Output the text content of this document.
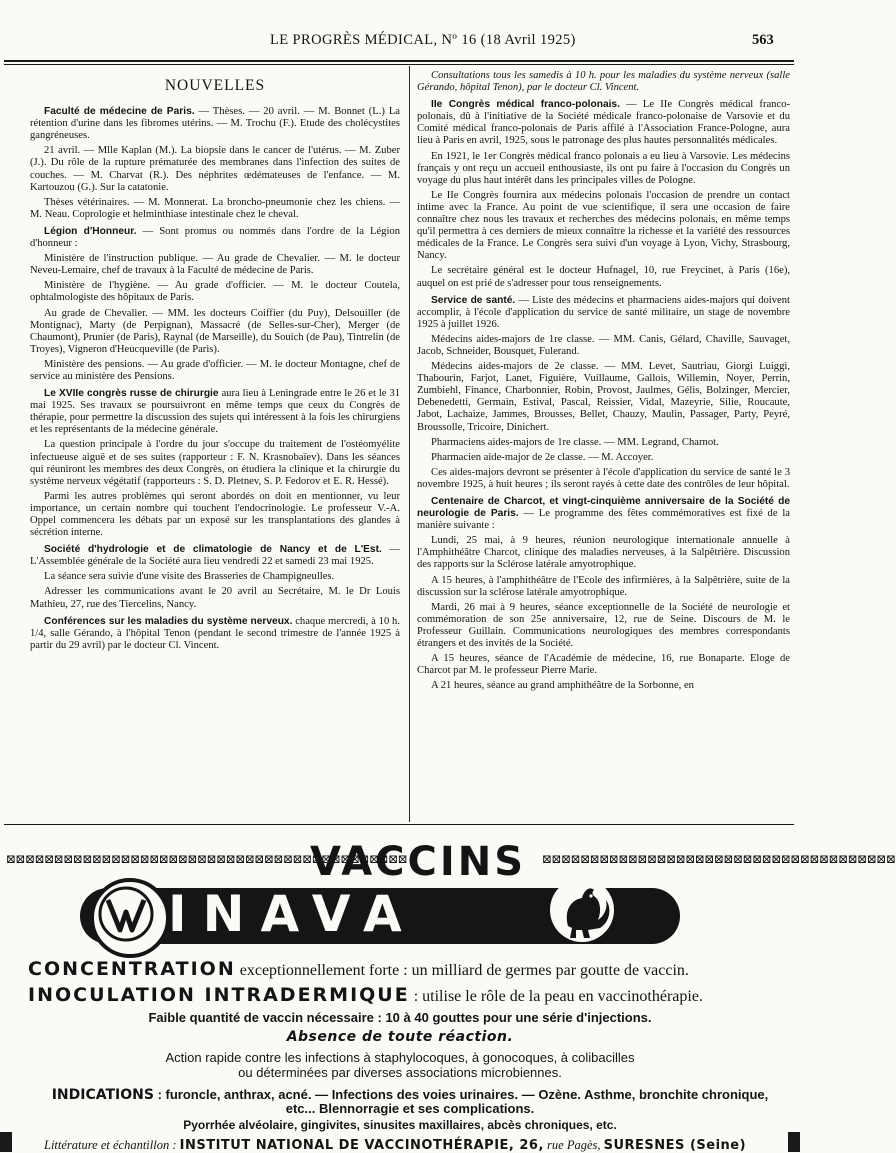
LE PROGRÈS MÉDICAL, Nº 16 (18 Avril 1925)	563
NOUVELLES

Faculté de médecine de Paris. — Thèses. — 20 avril. — M. Bonnet (L.) La rétention d'urine dans les fibromes utérins. — M. Trochu (F.). Etude des cholécystites gangréneuses.

21 avril. — Mlle Kaplan (M.). La biopsie dans le cancer de l'utérus. — M. Zuber (J.). Du rôle de la rupture prématurée des membranes dans l'infection des suites de couches. — M. Charvat (R.). Des néphrites œdémateuses de l'enfance. — M. Kartouzou (G.). Sur la catatonie.

Thèses vétérinaires. — M. Monnerat. La broncho-pneumonie chez les chiens. — M. Neau. Coprologie et helminthiase intestinale chez le cheval.

Légion d'Honneur. — Sont promus ou nommés dans l'ordre de la Légion d'honneur :

Ministère de l'instruction publique. — Au grade de Chevalier. — M. le docteur Neveu-Lemaire, chef de travaux à la Faculté de médecine de Paris.

Ministère de l'hygiène. — Au grade d'officier. — M. le docteur Coutela, ophtalmologiste des hôpitaux de Paris.

Au grade de Chevalier. — MM. les docteurs Coiffier (du Puy), Delsouiller (de Montignac), Marty (de Perpignan), Massacré (de Selles-sur-Cher), Merger (de Chaumont), Prunier (de Paris), Raynal (de Marseille), du Souich (de Pau), Tintrelin (de Troyes), Vigneron d'Heucqueville (de Paris).

Ministère des pensions. — Au grade d'officier. — M. le docteur Montagne, chef de service au ministère des Pensions.

Le XVIIe congrès russe de chirurgie aura lieu à Leningrade entre le 26 et le 31 mai 1925. Ses travaux se poursuivront en même temps que ceux du Congrès de thérapie, pour permettre la discussion des sujets qui intéressent à la fois les chirurgiens et les représentants de la médecine générale.

La question principale à l'ordre du jour s'occupe du traitement de l'ostéomyélite infectueuse aiguë et de ses suites (rapporteur : F. N. Krasnobaïev). Dans les séances qui réuniront les membres des deux Congrès, on étudiera la clinique et la chirurgie du système nerveux végétatif (rapporteurs : S. D. Pletnev, S. P. Fedorov et E. R. Hessé).

Parmi les autres problèmes qui seront abordés on doit en mentionner, vu leur importance, un certain nombre qui touchent l'endocrinologie. Le professeur V.-A. Oppel commencera les débats par un exposé sur les transplantations des glandes à sécrétion interne.

Société d'hydrologie et de climatologie de Nancy et de L'Est. — L'Assemblée générale de la Société aura lieu vendredi 22 et samedi 23 mai 1925.

La séance sera suivie d'une visite des Brasseries de Champigneulles.

Adresser les communications avant le 20 avril au Secrétaire, M. le Dr Louis Mathieu, 27, rue des Tiercelins, Nancy.

Conférences sur les maladies du système nerveux. chaque mercredi, à 10 h. 1/4, salle Gérando, à l'hôpital Tenon (pendant le second trimestre de l'année 1925 à partir du 29 avril) par le docteur Cl. Vincent.

Consultations tous les samedis à 10 h. pour les maladies du système nerveux (salle Gérando, hôpital Tenon), par le docteur Cl. Vincent.

IIe Congrès médical franco-polonais. — Le IIe Congrès médical franco-polonais, dû à l'initiative de la Société médicale franco-polonaise de Varsovie et du Comité médical franco-polonais de Paris affilé à l'Association France-Pologne, aura lieu à Paris en avril, 1925, sous le patronage des plus hautes personnalités médicales.

En 1921, le 1er Congrès médical franco polonais a eu lieu à Varsovie. Les médecins français y ont reçu un accueil enthousiaste, ils ont pu faire à l'occasion du Congrès un voyage du plus haut intérêt dans les principales villes de Pologne.

Le IIe Congrès fournira aux médecins polonais l'occasion de prendre un contact intime avec la France. Au point de vue scientifique, il sera une occasion de faire connaître chez nous les travaux et recherches des médecins polonais, en même temps qu'il permettra à ces derniers de mieux connaître la richesse et la variété des ressources médicales de la France. Le Congrès sera suivi d'un voyage à Lyon, Vichy, Strasbourg, Nancy.

Le secrétaire général est le docteur Hufnagel, 10, rue Freycinet, à Paris (16e), auquel on est prié de s'adresser pour tous renseignements.

Service de santé. — Liste des médecins et pharmaciens aides-majors qui doivent accomplir, à l'école d'application du service de santé militaire, un stage de novembre 1925 à juillet 1926.

Médecins aides-majors de 1re classe. — MM. Canis, Gélard, Chaville, Sauvaget, Jacob, Schneider, Bousquet, Fulerand.

Médecins aides-majors de 2e classe. — MM. Levet, Sautriau, Giorgi Luiggi, Thabourin, Farjot, Lanet, Figuière, Vuillaume, Gallois, Willemin, Noyer, Perrin, Zumbiehl, Finance, Charbonnier, Robin, Provost, Jaulmes, Gélis, Bolzinger, Mercier, Debenedetti, Germain, Estival, Pascal, Reissier, Vidal, Mazeyrie, Silie, Roucaute, Jabot, Lachaize, Jammes, Brousses, Bellet, Chauzy, Maulin, Passager, Party, Peyré, Broussolle, Tricoire, Dinichert.

Pharmaciens aides-majors de 1re classe. — MM. Legrand, Charnot.

Pharmacien aide-major de 2e classe. — M. Accoyer.

Ces aides-majors devront se présenter à l'école d'application du service de santé le 3 novembre 1925, à huit heures ; ils seront rayés à cette date des contrôles de leur hôpital.

Centenaire de Charcot, et vingt-cinquième anniversaire de la Société de neurologie de Paris. — Le programme des fêtes commémoratives est fixé de la manière suivante :

Lundi, 25 mai, à 9 heures, réunion neurologique internationale annuelle à l'Amphithéâtre Charcot, clinique des maladies nerveuses, à la Salpêtrière. Discussion des rapports sur la Sclérose latérale amyotrophique.

A 15 heures, à l'amphithéâtre de l'Ecole des infirmières, à la Salpêtrière, suite de la discussion sur la sclérose latérale amyotrophique.

Mardi, 26 mai à 9 heures, séance exceptionnelle de la Société de neurologie et commémoration de son 25e anniversaire, 12, rue de Seine. Discours de M. le Professeur Guillain. Communications neurologiques des membres correspondants étrangers et des invités de la Société.

A 15 heures, séance de l'Académie de médecine, 16, rue Bonaparte. Eloge de Charcot par M. le professeur Pierre Marie.

A 21 heures, séance au grand amphithéâtre de la Sorbonne, en

⊠⊠⊠⊠⊠⊠⊠⊠⊠⊠⊠⊠⊠⊠⊠⊠⊠⊠⊠⊠⊠⊠⊠⊠⊠⊠⊠⊠⊠⊠⊠⊠⊠⊠⊠⊠⊠⊠⊠⊠⊠⊠
VACCINS	⊠⊠⊠⊠⊠⊠⊠⊠⊠⊠⊠⊠⊠⊠⊠⊠⊠⊠⊠⊠⊠⊠⊠⊠⊠⊠⊠⊠⊠⊠⊠⊠⊠⊠⊠⊠⊠
INAVA
CONCENTRATION exceptionnellement forte : un milliard de germes par goutte de vaccin.
INOCULATION INTRADERMIQUE : utilise le rôle de la peau en vaccinothérapie.
Faible quantité de vaccin nécessaire : 10 à 40 gouttes pour une série d'injections.
Absence de toute réaction.
Action rapide contre les infections à staphylocoques, à gonocoques, à colibacilles
ou déterminées par diverses associations microbiennes.
INDICATIONS : furoncle, anthrax, acné. — Infections des voies urinaires. — Ozène. Asthme, bronchite chronique, etc... Blennorragie et ses complications.
Pyorrhée alvéolaire, gingivites, sinusites maxillaires, abcès chroniques, etc.
Littérature et échantillon : INSTITUT NATIONAL DE VACCINOTHÉRAPIE, 26, rue Pagès, SURESNES (Seine)
